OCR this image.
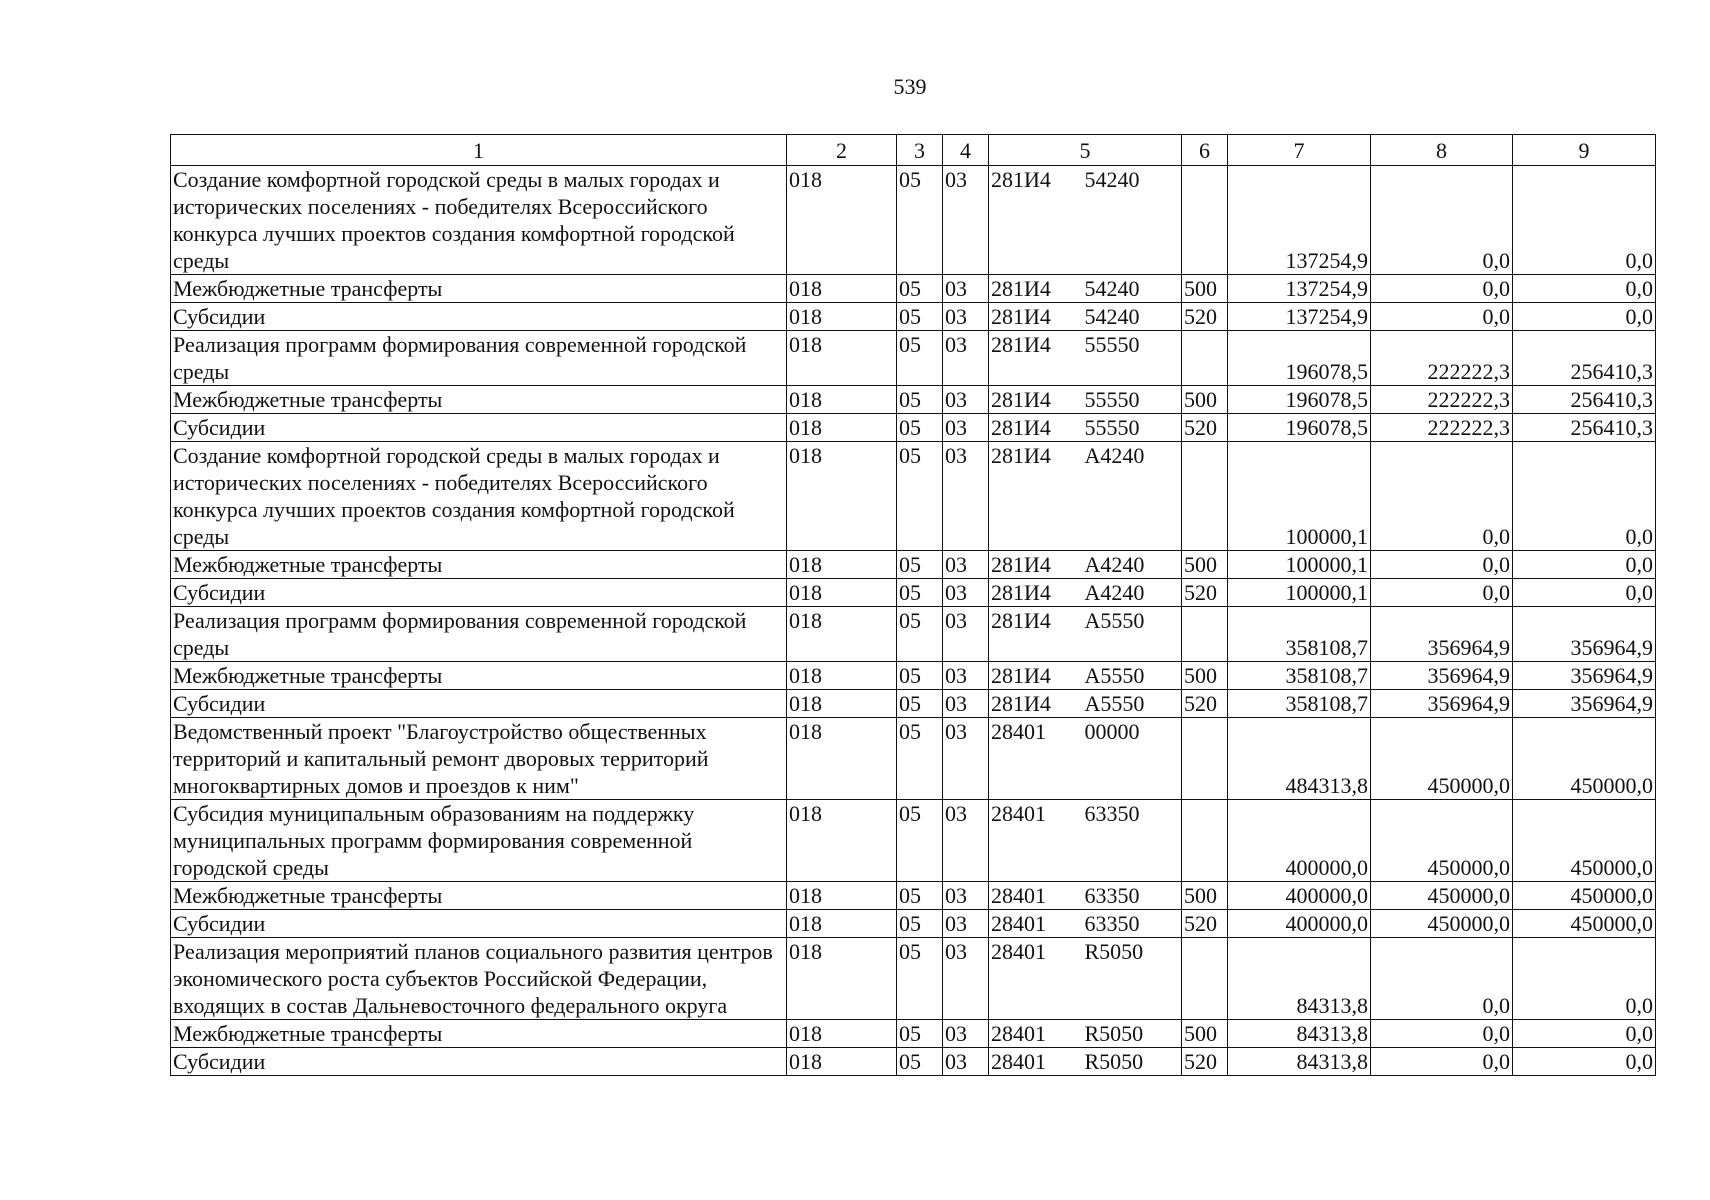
539
1	2	3	4	5		6	7	8	9
Создание комфортной городской среды в малых городах и исторических поселениях - победителях Всероссийского конкурса лучших проектов создания комфортной городской среды	018	05	03	281И4	54240		137254,9	0,0	0,0
Межбюджетные трансферты	018	05	03	281И4	54240	500	137254,9	0,0	0,0
Субсидии	018	05	03	281И4	54240	520	137254,9	0,0	0,0
Реализация программ формирования современной городской среды	018	05	03	281И4	55550		196078,5	222222,3	256410,3
Межбюджетные трансферты	018	05	03	281И4	55550	500	196078,5	222222,3	256410,3
Субсидии	018	05	03	281И4	55550	520	196078,5	222222,3	256410,3
Создание комфортной городской среды в малых городах и исторических поселениях - победителях Всероссийского конкурса лучших проектов создания комфортной городской среды	018	05	03	281И4	А4240		100000,1	0,0	0,0
Межбюджетные трансферты	018	05	03	281И4	А4240	500	100000,1	0,0	0,0
Субсидии	018	05	03	281И4	А4240	520	100000,1	0,0	0,0
Реализация программ формирования современной городской среды	018	05	03	281И4	А5550		358108,7	356964,9	356964,9
Межбюджетные трансферты	018	05	03	281И4	А5550	500	358108,7	356964,9	356964,9
Субсидии	018	05	03	281И4	А5550	520	358108,7	356964,9	356964,9
Ведомственный проект "Благоустройство общественных территорий и капитальный ремонт дворовых территорий многоквартирных домов и проездов к ним"	018	05	03	28401	00000		484313,8	450000,0	450000,0
Субсидия муниципальным образованиям на поддержку муниципальных программ формирования современной городской среды	018	05	03	28401	63350		400000,0	450000,0	450000,0
Межбюджетные трансферты	018	05	03	28401	63350	500	400000,0	450000,0	450000,0
Субсидии	018	05	03	28401	63350	520	400000,0	450000,0	450000,0
Реализация мероприятий планов социального развития центров экономического роста субъектов Российской Федерации, входящих в состав Дальневосточного федерального округа	018	05	03	28401	R5050		84313,8	0,0	0,0
Межбюджетные трансферты	018	05	03	28401	R5050	500	84313,8	0,0	0,0
Субсидии	018	05	03	28401	R5050	520	84313,8	0,0	0,0
